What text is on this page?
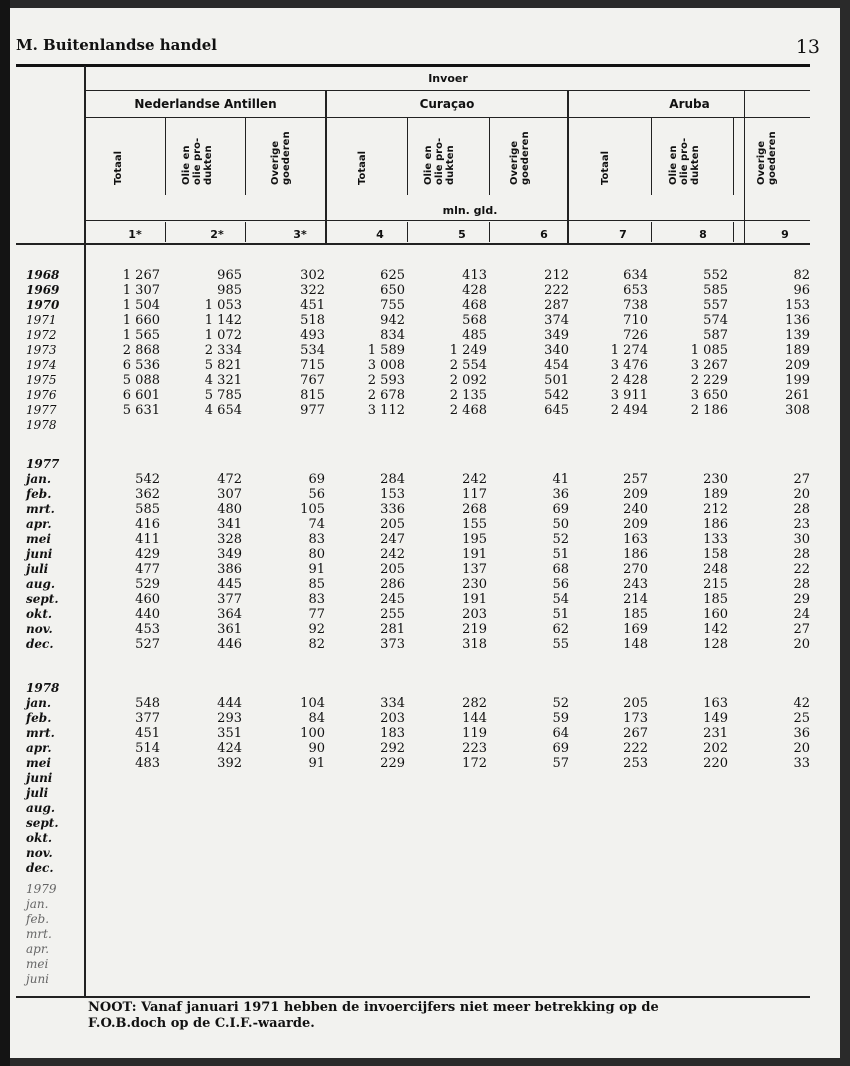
M. Buitenlandse handel	13
Invoer
Nederlandse Antillen	Curaçao	Aruba
Totaal	Olie en
olie pro-
dukten	Overige
goederen	Totaal	Olie en
olie pro-
dukten	Overige
goederen	Totaal	Olie en
olie pro-
dukten	Overige
goederen
mln. gld.
1*	2*	3*	4	5	6	7	8	9
1968	1 267	965	302	625	413	212	634	552	82
1969	1 307	985	322	650	428	222	653	585	96
1970	1 504	1 053	451	755	468	287	738	557	153
1971	1 660	1 142	518	942	568	374	710	574	136
1972	1 565	1 072	493	834	485	349	726	587	139
1973	2 868	2 334	534	1 589	1 249	340	1 274	1 085	189
1974	6 536	5 821	715	3 008	2 554	454	3 476	3 267	209
1975	5 088	4 321	767	2 593	2 092	501	2 428	2 229	199
1976	6 601	5 785	815	2 678	2 135	542	3 911	3 650	261
1977	5 631	4 654	977	3 112	2 468	645	2 494	2 186	308
1978
1977
jan.	542	472	69	284	242	41	257	230	27
feb.	362	307	56	153	117	36	209	189	20
mrt.	585	480	105	336	268	69	240	212	28
apr.	416	341	74	205	155	50	209	186	23
mei	411	328	83	247	195	52	163	133	30
juni	429	349	80	242	191	51	186	158	28
juli	477	386	91	205	137	68	270	248	22
aug.	529	445	85	286	230	56	243	215	28
sept.	460	377	83	245	191	54	214	185	29
okt.	440	364	77	255	203	51	185	160	24
nov.	453	361	92	281	219	62	169	142	27
dec.	527	446	82	373	318	55	148	128	20
1978
jan.	548	444	104	334	282	52	205	163	42
feb.	377	293	84	203	144	59	173	149	25
mrt.	451	351	100	183	119	64	267	231	36
apr.	514	424	90	292	223	69	222	202	20
mei	483	392	91	229	172	57	253	220	33
juni
juli
aug.
sept.
okt.
nov.
dec.
1979
jan.
feb.
mrt.
apr.
mei
juni
NOOT: Vanaf januari 1971 hebben de invoercijfers niet meer betrekking op de
F.O.B.doch op de C.I.F.-waarde.
